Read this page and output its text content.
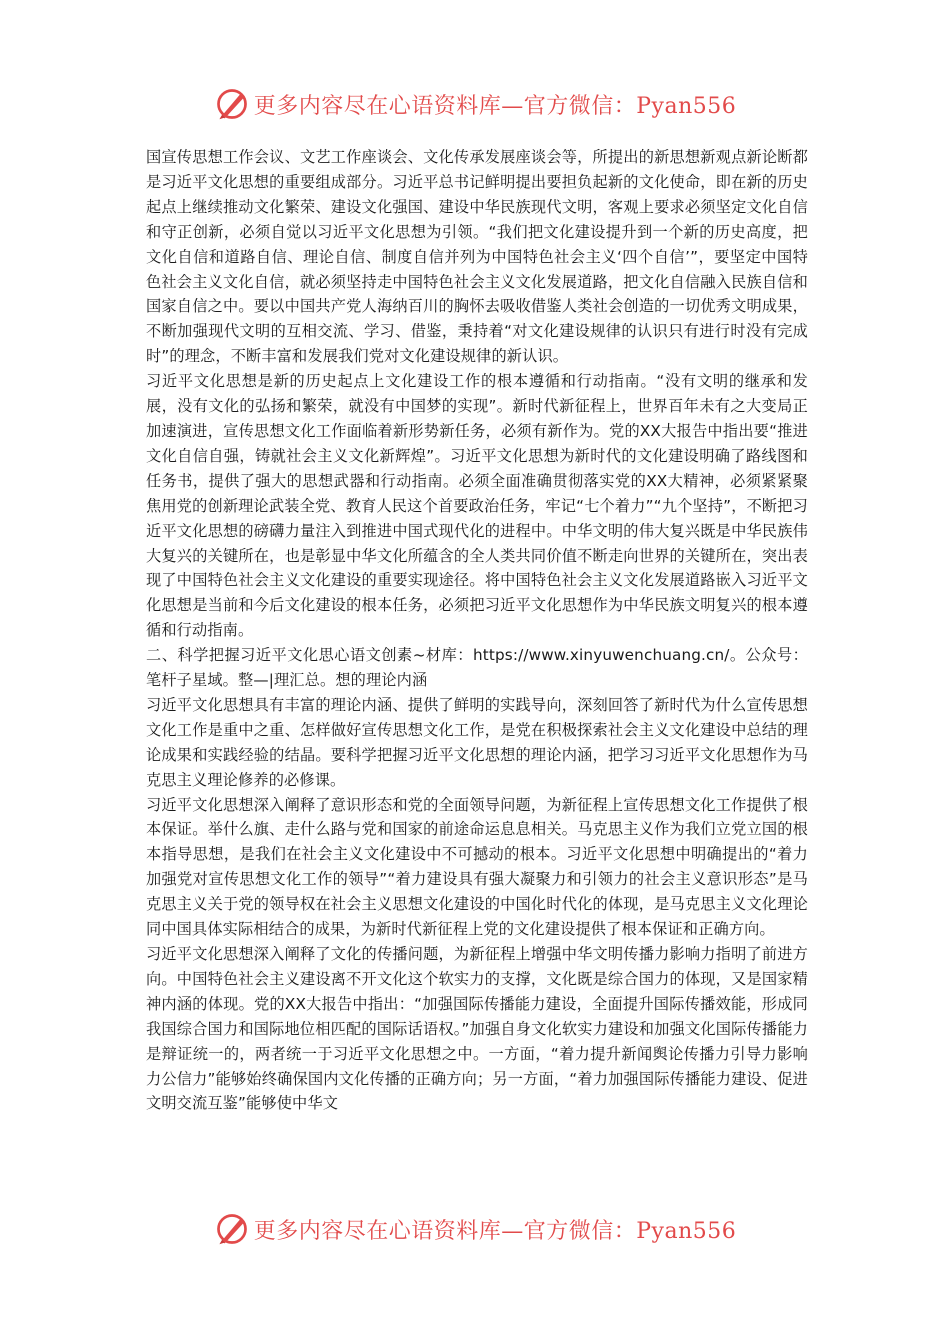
更多内容尽在心语资料库—官方微信：Pyan556

国宣传思想工作会议、文艺工作座谈会、文化传承发展座谈会等，所提出的新思想新观点新论断都是习近平文化思想的重要组成部分。习近平总书记鲜明提出要担负起新的文化使命，即在新的历史起点上继续推动文化繁荣、建设文化强国、建设中华民族现代文明，客观上要求必须坚定文化自信和守正创新，必须自觉以习近平文化思想为引领。“我们把文化建设提升到一个新的历史高度，把文化自信和道路自信、理论自信、制度自信并列为中国特色社会主义‘四个自信’”，要坚定中国特色社会主义文化自信，就必须坚持走中国特色社会主义文化发展道路，把文化自信融入民族自信和国家自信之中。要以中国共产党人海纳百川的胸怀去吸收借鉴人类社会创造的一切优秀文明成果，不断加强现代文明的互相交流、学习、借鉴，秉持着“对文化建设规律的认识只有进行时没有完成时”的理念，不断丰富和发展我们党对文化建设规律的新认识。

习近平文化思想是新的历史起点上文化建设工作的根本遵循和行动指南。“没有文明的继承和发展，没有文化的弘扬和繁荣，就没有中国梦的实现”。新时代新征程上，世界百年未有之大变局正加速演进，宣传思想文化工作面临着新形势新任务，必须有新作为。党的XX大报告中指出要“推进文化自信自强，铸就社会主义文化新辉煌”。习近平文化思想为新时代的文化建设明确了路线图和任务书，提供了强大的思想武器和行动指南。必须全面准确贯彻落实党的XX大精神，必须紧紧聚焦用党的创新理论武装全党、教育人民这个首要政治任务，牢记“七个着力”“九个坚持”，不断把习近平文化思想的磅礴力量注入到推进中国式现代化的进程中。中华文明的伟大复兴既是中华民族伟大复兴的关键所在，也是彰显中华文化所蕴含的全人类共同价值不断走向世界的关键所在，突出表现了中国特色社会主义文化建设的重要实现途径。将中国特色社会主义文化发展道路嵌入习近平文化思想是当前和今后文化建设的根本任务，必须把习近平文化思想作为中华民族文明复兴的根本遵循和行动指南。

二、科学把握习近平文化思心语文创素~材库：https://www.xinyuwenchuang.cn/。公众号：笔杆子星域。整—|理汇总。想的理论内涵

习近平文化思想具有丰富的理论内涵、提供了鲜明的实践导向，深刻回答了新时代为什么宣传思想文化工作是重中之重、怎样做好宣传思想文化工作，是党在积极探索社会主义文化建设中总结的理论成果和实践经验的结晶。要科学把握习近平文化思想的理论内涵，把学习习近平文化思想作为马克思主义理论修养的必修课。

习近平文化思想深入阐释了意识形态和党的全面领导问题，为新征程上宣传思想文化工作提供了根本保证。举什么旗、走什么路与党和国家的前途命运息息相关。马克思主义作为我们立党立国的根本指导思想，是我们在社会主义文化建设中不可撼动的根本。习近平文化思想中明确提出的“着力加强党对宣传思想文化工作的领导”“着力建设具有强大凝聚力和引领力的社会主义意识形态”是马克思主义关于党的领导权在社会主义思想文化建设的中国化时代化的体现，是马克思主义文化理论同中国具体实际相结合的成果，为新时代新征程上党的文化建设提供了根本保证和正确方向。

习近平文化思想深入阐释了文化的传播问题，为新征程上增强中华文明传播力影响力指明了前进方向。中国特色社会主义建设离不开文化这个软实力的支撑，文化既是综合国力的体现，又是国家精神内涵的体现。党的XX大报告中指出：“加强国际传播能力建设，全面提升国际传播效能，形成同我国综合国力和国际地位相匹配的国际话语权。”加强自身文化软实力建设和加强文化国际传播能力是辩证统一的，两者统一于习近平文化思想之中。一方面，“着力提升新闻舆论传播力引导力影响力公信力”能够始终确保国内文化传播的正确方向；另一方面，“着力加强国际传播能力建设、促进文明交流互鉴”能够使中华文

更多内容尽在心语资料库—官方微信：Pyan556
